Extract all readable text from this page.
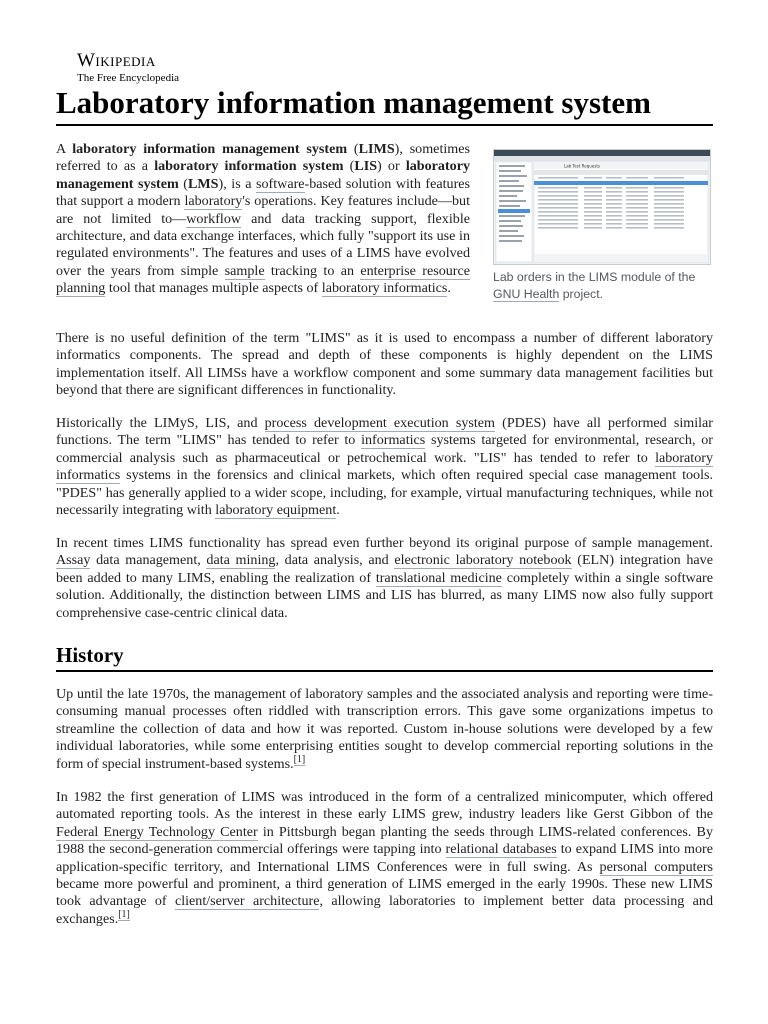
Wikipedia
The Free Encyclopedia
Laboratory information management system

A laboratory information management system (LIMS), sometimes referred to as a laboratory information system (LIS) or laboratory management system (LMS), is a software-based solution with features that support a modern laboratory's operations. Key features include—but are not limited to—workflow and data tracking support, flexible architecture, and data exchange interfaces, which fully "support its use in regulated environments". The features and uses of a LIMS have evolved over the years from simple sample tracking to an enterprise resource planning tool that manages multiple aspects of laboratory informatics.

Lab Test Requests
Lab orders in the LIMS module of the GNU Health project.

There is no useful definition of the term "LIMS" as it is used to encompass a number of different laboratory informatics components. The spread and depth of these components is highly dependent on the LIMS implementation itself. All LIMSs have a workflow component and some summary data management facilities but beyond that there are significant differences in functionality.

Historically the LIMyS, LIS, and process development execution system (PDES) have all performed similar functions. The term "LIMS" has tended to refer to informatics systems targeted for environmental, research, or commercial analysis such as pharmaceutical or petrochemical work. "LIS" has tended to refer to laboratory informatics systems in the forensics and clinical markets, which often required special case management tools. "PDES" has generally applied to a wider scope, including, for example, virtual manufacturing techniques, while not necessarily integrating with laboratory equipment.

In recent times LIMS functionality has spread even further beyond its original purpose of sample management. Assay data management, data mining, data analysis, and electronic laboratory notebook (ELN) integration have been added to many LIMS, enabling the realization of translational medicine completely within a single software solution. Additionally, the distinction between LIMS and LIS has blurred, as many LIMS now also fully support comprehensive case-centric clinical data.

History

Up until the late 1970s, the management of laboratory samples and the associated analysis and reporting were time-consuming manual processes often riddled with transcription errors. This gave some organizations impetus to streamline the collection of data and how it was reported. Custom in-house solutions were developed by a few individual laboratories, while some enterprising entities sought to develop commercial reporting solutions in the form of special instrument-based systems.[1]

In 1982 the first generation of LIMS was introduced in the form of a centralized minicomputer, which offered automated reporting tools. As the interest in these early LIMS grew, industry leaders like Gerst Gibbon of the Federal Energy Technology Center in Pittsburgh began planting the seeds through LIMS-related conferences. By 1988 the second-generation commercial offerings were tapping into relational databases to expand LIMS into more application-specific territory, and International LIMS Conferences were in full swing. As personal computers became more powerful and prominent, a third generation of LIMS emerged in the early 1990s. These new LIMS took advantage of client/server architecture, allowing laboratories to implement better data processing and exchanges.[1]
